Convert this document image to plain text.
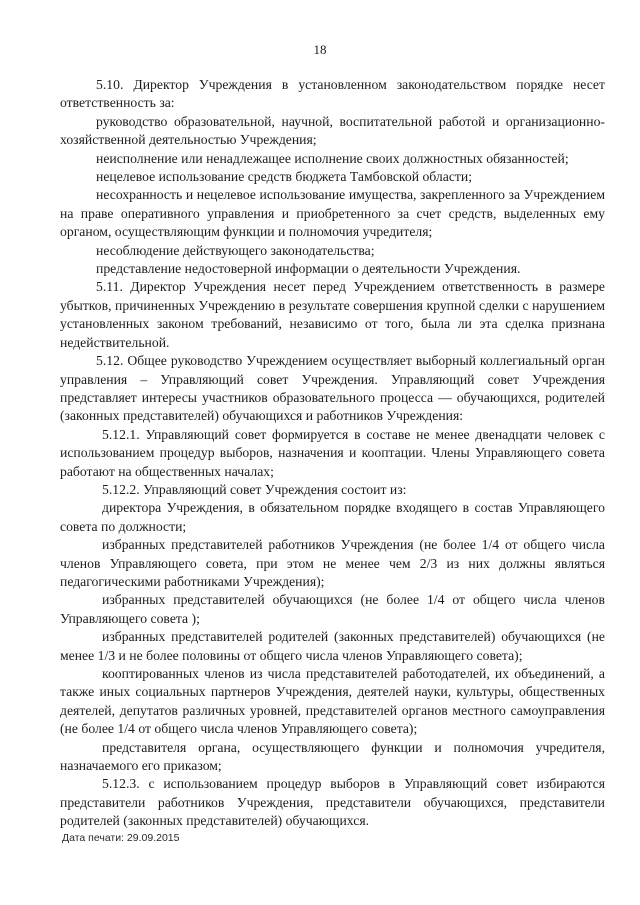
18

5.10. Директор Учреждения в установленном законодательством порядке несет ответственность за:

руководство образовательной, научной, воспитательной работой и организационно-хозяйственной деятельностью Учреждения;

неисполнение или ненадлежащее исполнение своих должностных обязанностей;

нецелевое использование средств бюджета Тамбовской области;

несохранность и нецелевое использование имущества, закрепленного за Учреждением на праве оперативного управления и приобретенного за счет средств, выделенных ему органом, осуществляющим функции и полномочия учредителя;

несоблюдение действующего законодательства;

представление недостоверной информации о деятельности Учреждения.

5.11. Директор Учреждения несет перед Учреждением ответственность в размере убытков, причиненных Учреждению в результате совершения крупной сделки с нарушением установленных законом требований, независимо от того, была ли эта сделка признана недействительной.

5.12. Общее руководство Учреждением осуществляет выборный коллегиальный орган управления – Управляющий совет Учреждения. Управляющий совет Учреждения представляет интересы участников образовательного процесса — обучающихся, родителей (законных представителей) обучающихся и работников Учреждения:

5.12.1. Управляющий совет формируется в составе не менее двенадцати человек с использованием процедур выборов, назначения и кооптации. Члены Управляющего совета работают на общественных началах;

5.12.2. Управляющий совет Учреждения состоит из:

директора Учреждения, в обязательном порядке входящего в состав Управляющего совета по должности;

избранных представителей работников Учреждения (не более 1/4 от общего числа членов Управляющего совета, при этом не менее чем 2/3 из них должны являться педагогическими работниками Учреждения);

избранных представителей обучающихся (не более 1/4 от общего числа членов Управляющего совета );

избранных представителей родителей (законных представителей) обучающихся (не менее 1/3 и не более половины от общего числа членов Управляющего совета);

кооптированных членов из числа представителей работодателей, их объединений, а также иных социальных партнеров Учреждения, деятелей науки, культуры, общественных деятелей, депутатов различных уровней, представителей органов местного самоуправления (не более 1/4 от общего числа членов Управляющего совета);

представителя органа, осуществляющего функции и полномочия учредителя, назначаемого его приказом;

5.12.3. с использованием процедур выборов в Управляющий совет избираются представители работников Учреждения, представители обучающихся, представители родителей (законных представителей) обучающихся.

Дата печати: 29.09.2015
